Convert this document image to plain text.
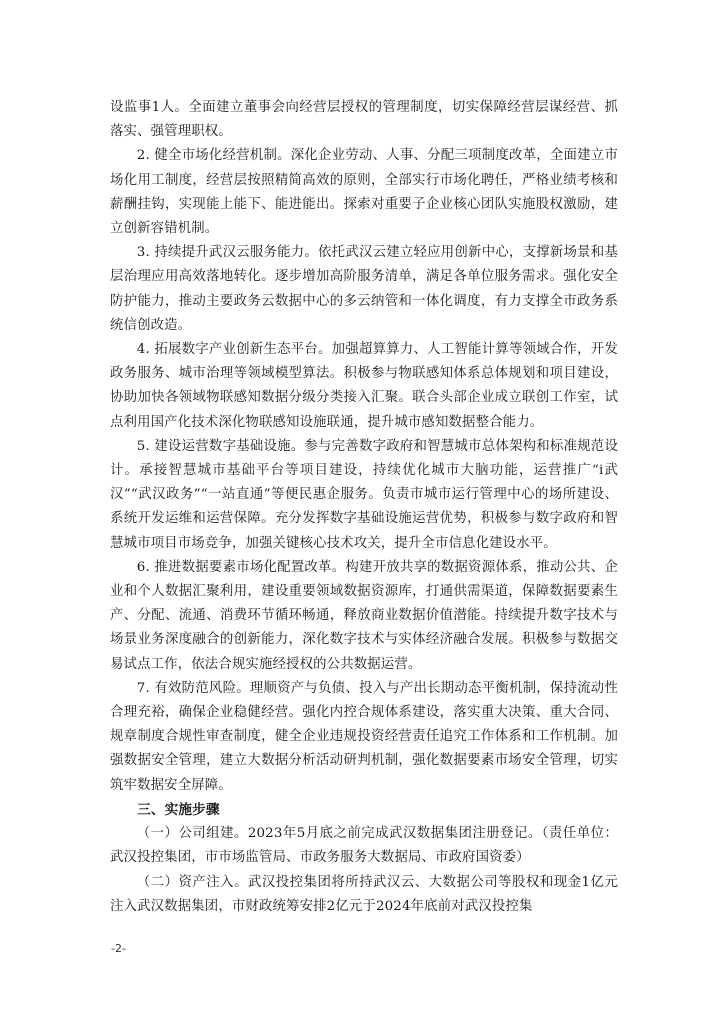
设监事1人。全面建立董事会向经营层授权的管理制度，切实保障经营层谋经营、抓落实、强管理职权。

2. 健全市场化经营机制。深化企业劳动、人事、分配三项制度改革，全面建立市场化用工制度，经营层按照精简高效的原则，全部实行市场化聘任，严格业绩考核和薪酬挂钩，实现能上能下、能进能出。探索对重要子企业核心团队实施股权激励，建立创新容错机制。

3. 持续提升武汉云服务能力。依托武汉云建立轻应用创新中心，支撑新场景和基层治理应用高效落地转化。逐步增加高阶服务清单，满足各单位服务需求。强化安全防护能力，推动主要政务云数据中心的多云纳管和一体化调度，有力支撑全市政务系统信创改造。

4. 拓展数字产业创新生态平台。加强超算算力、人工智能计算等领域合作，开发政务服务、城市治理等领域模型算法。积极参与物联感知体系总体规划和项目建设，协助加快各领域物联感知数据分级分类接入汇聚。联合头部企业成立联创工作室，试点利用国产化技术深化物联感知设施联通，提升城市感知数据整合能力。

5. 建设运营数字基础设施。参与完善数字政府和智慧城市总体架构和标准规范设计。承接智慧城市基础平台等项目建设，持续优化城市大脑功能，运营推广“i武汉”“武汉政务”“一站直通”等便民惠企服务。负责市城市运行管理中心的场所建设、系统开发运维和运营保障。充分发挥数字基础设施运营优势，积极参与数字政府和智慧城市项目市场竞争，加强关键核心技术攻关，提升全市信息化建设水平。

6. 推进数据要素市场化配置改革。构建开放共享的数据资源体系，推动公共、企业和个人数据汇聚利用，建设重要领域数据资源库，打通供需渠道，保障数据要素生产、分配、流通、消费环节循环畅通，释放商业数据价值潜能。持续提升数字技术与场景业务深度融合的创新能力，深化数字技术与实体经济融合发展。积极参与数据交易试点工作，依法合规实施经授权的公共数据运营。

7. 有效防范风险。理顺资产与负债、投入与产出长期动态平衡机制，保持流动性合理充裕，确保企业稳健经营。强化内控合规体系建设，落实重大决策、重大合同、规章制度合规性审查制度，健全企业违规投资经营责任追究工作体系和工作机制。加强数据安全管理，建立大数据分析活动研判机制，强化数据要素市场安全管理，切实筑牢数据安全屏障。

三、实施步骤

（一）公司组建。2023年5月底之前完成武汉数据集团注册登记。（责任单位：武汉投控集团，市市场监管局、市政务服务大数据局、市政府国资委）

（二）资产注入。武汉投控集团将所持武汉云、大数据公司等股权和现金1亿元注入武汉数据集团，市财政统筹安排2亿元于2024年底前对武汉投控集

-2-
